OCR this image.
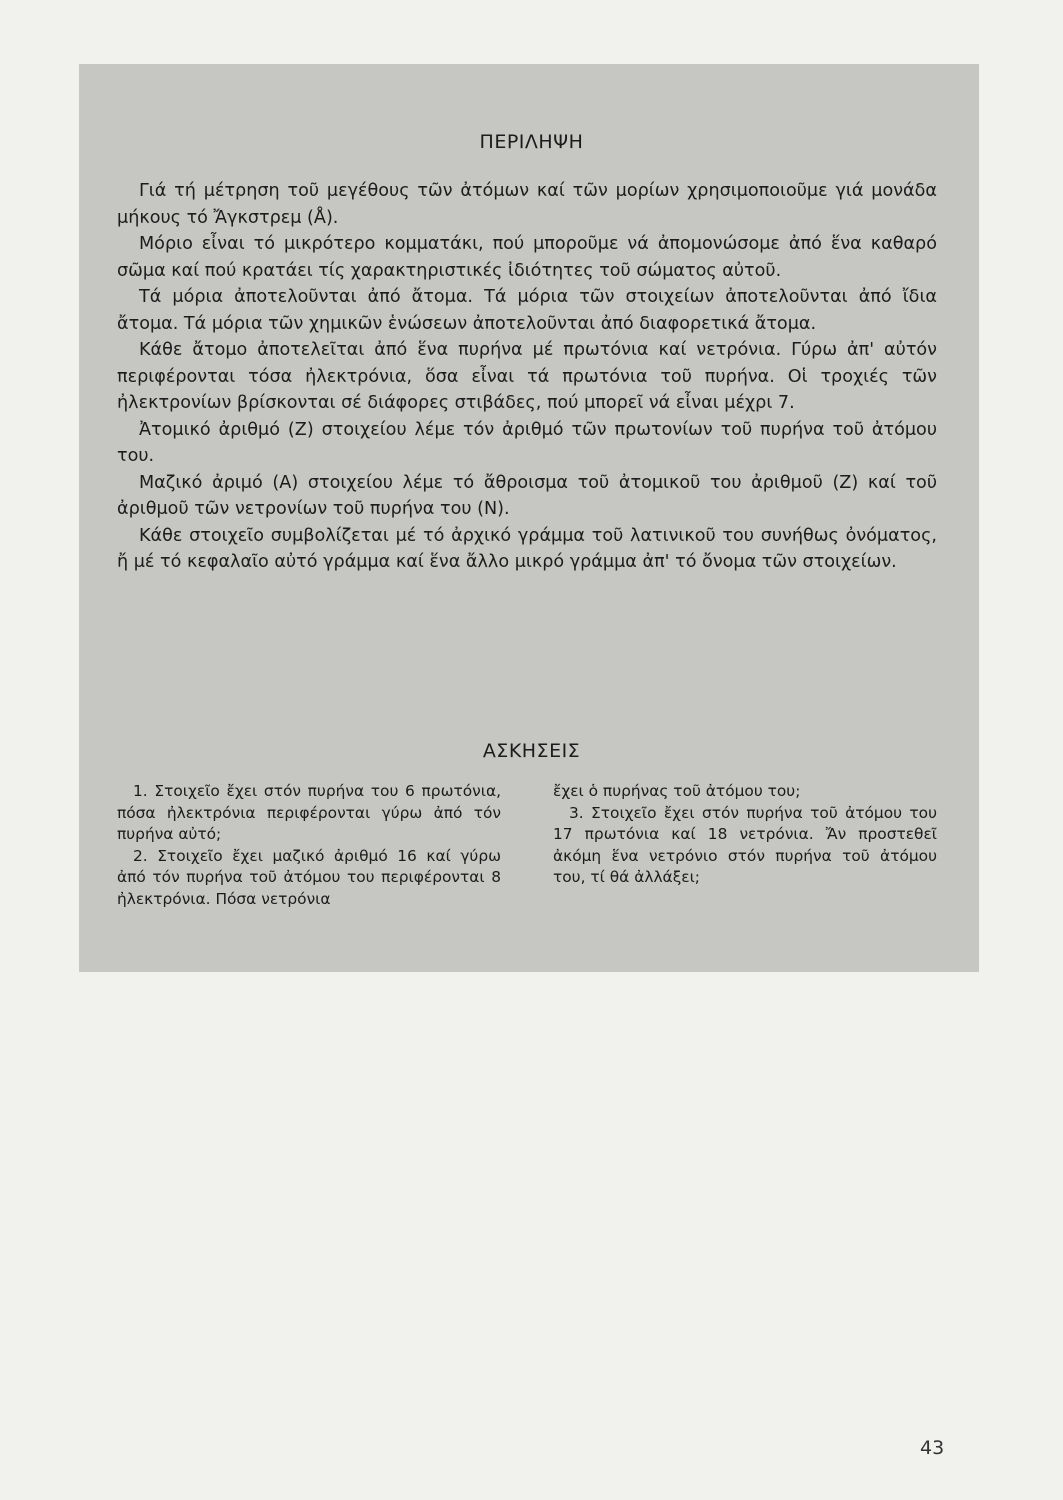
ΠΕΡΙΛΗΨΗ

Γιά τή μέτρηση τοῦ μεγέθους τῶν ἀτόμων καί τῶν μορίων χρησιμοποιοῦμε γιά μονάδα μήκους τό Ἄγκστρεμ (Å).

Μόριο εἶναι τό μικρότερο κομματάκι, πού μποροῦμε νά ἀπομονώσομε ἀπό ἕνα καθαρό σῶμα καί πού κρατάει τίς χαρακτηριστικές ἰδιότητες τοῦ σώματος αὐτοῦ.

Τά μόρια ἀποτελοῦνται ἀπό ἄτομα. Τά μόρια τῶν στοιχείων ἀποτελοῦνται ἀπό ἴδια ἄτομα. Τά μόρια τῶν χημικῶν ἑνώσεων ἀποτελοῦνται ἀπό διαφορετικά ἄτομα.

Κάθε ἄτομο ἀποτελεῖται ἀπό ἕνα πυρήνα μέ πρωτόνια καί νετρόνια. Γύρω ἀπ' αὐτόν περιφέρονται τόσα ἠλεκτρόνια, ὅσα εἶναι τά πρωτόνια τοῦ πυρήνα. Οἱ τροχιές τῶν ἠλεκτρονίων βρίσκονται σέ διάφορες στιβάδες, πού μπορεῖ νά εἶναι μέχρι 7.

Ἀτομικό ἀριθμό (Ζ) στοιχείου λέμε τόν ἀριθμό τῶν πρωτονίων τοῦ πυρήνα τοῦ ἀτόμου του.

Μαζικό ἀριμό (Α) στοιχείου λέμε τό ἄθροισμα τοῦ ἀτομικοῦ του ἀριθμοῦ (Ζ) καί τοῦ ἀριθμοῦ τῶν νετρονίων τοῦ πυρήνα του (Ν).

Κάθε στοιχεῖο συμβολίζεται μέ τό ἀρχικό γράμμα τοῦ λατινικοῦ του συνήθως ὀνόματος, ἤ μέ τό κεφαλαῖο αὐτό γράμμα καί ἕνα ἄλλο μικρό γράμμα ἀπ' τό ὄνομα τῶν στοιχείων.

ΑΣΚΗΣΕΙΣ

1. Στοιχεῖο ἔχει στόν πυρήνα του 6 πρωτόνια, πόσα ἠλεκτρόνια περιφέρονται γύρω ἀπό τόν πυρήνα αὐτό;

2. Στοιχεῖο ἔχει μαζικό ἀριθμό 16 καί γύρω ἀπό τόν πυρήνα τοῦ ἀτόμου του περιφέρονται 8 ἠλεκτρόνια. Πόσα νετρόνια

ἔχει ὁ πυρήνας τοῦ ἀτόμου του;

3. Στοιχεῖο ἔχει στόν πυρήνα τοῦ ἀτόμου του 17 πρωτόνια καί 18 νετρόνια. Ἄν προστεθεῖ ἀκόμη ἕνα νετρόνιο στόν πυρήνα τοῦ ἀτόμου του, τί θά ἀλλάξει;

43
